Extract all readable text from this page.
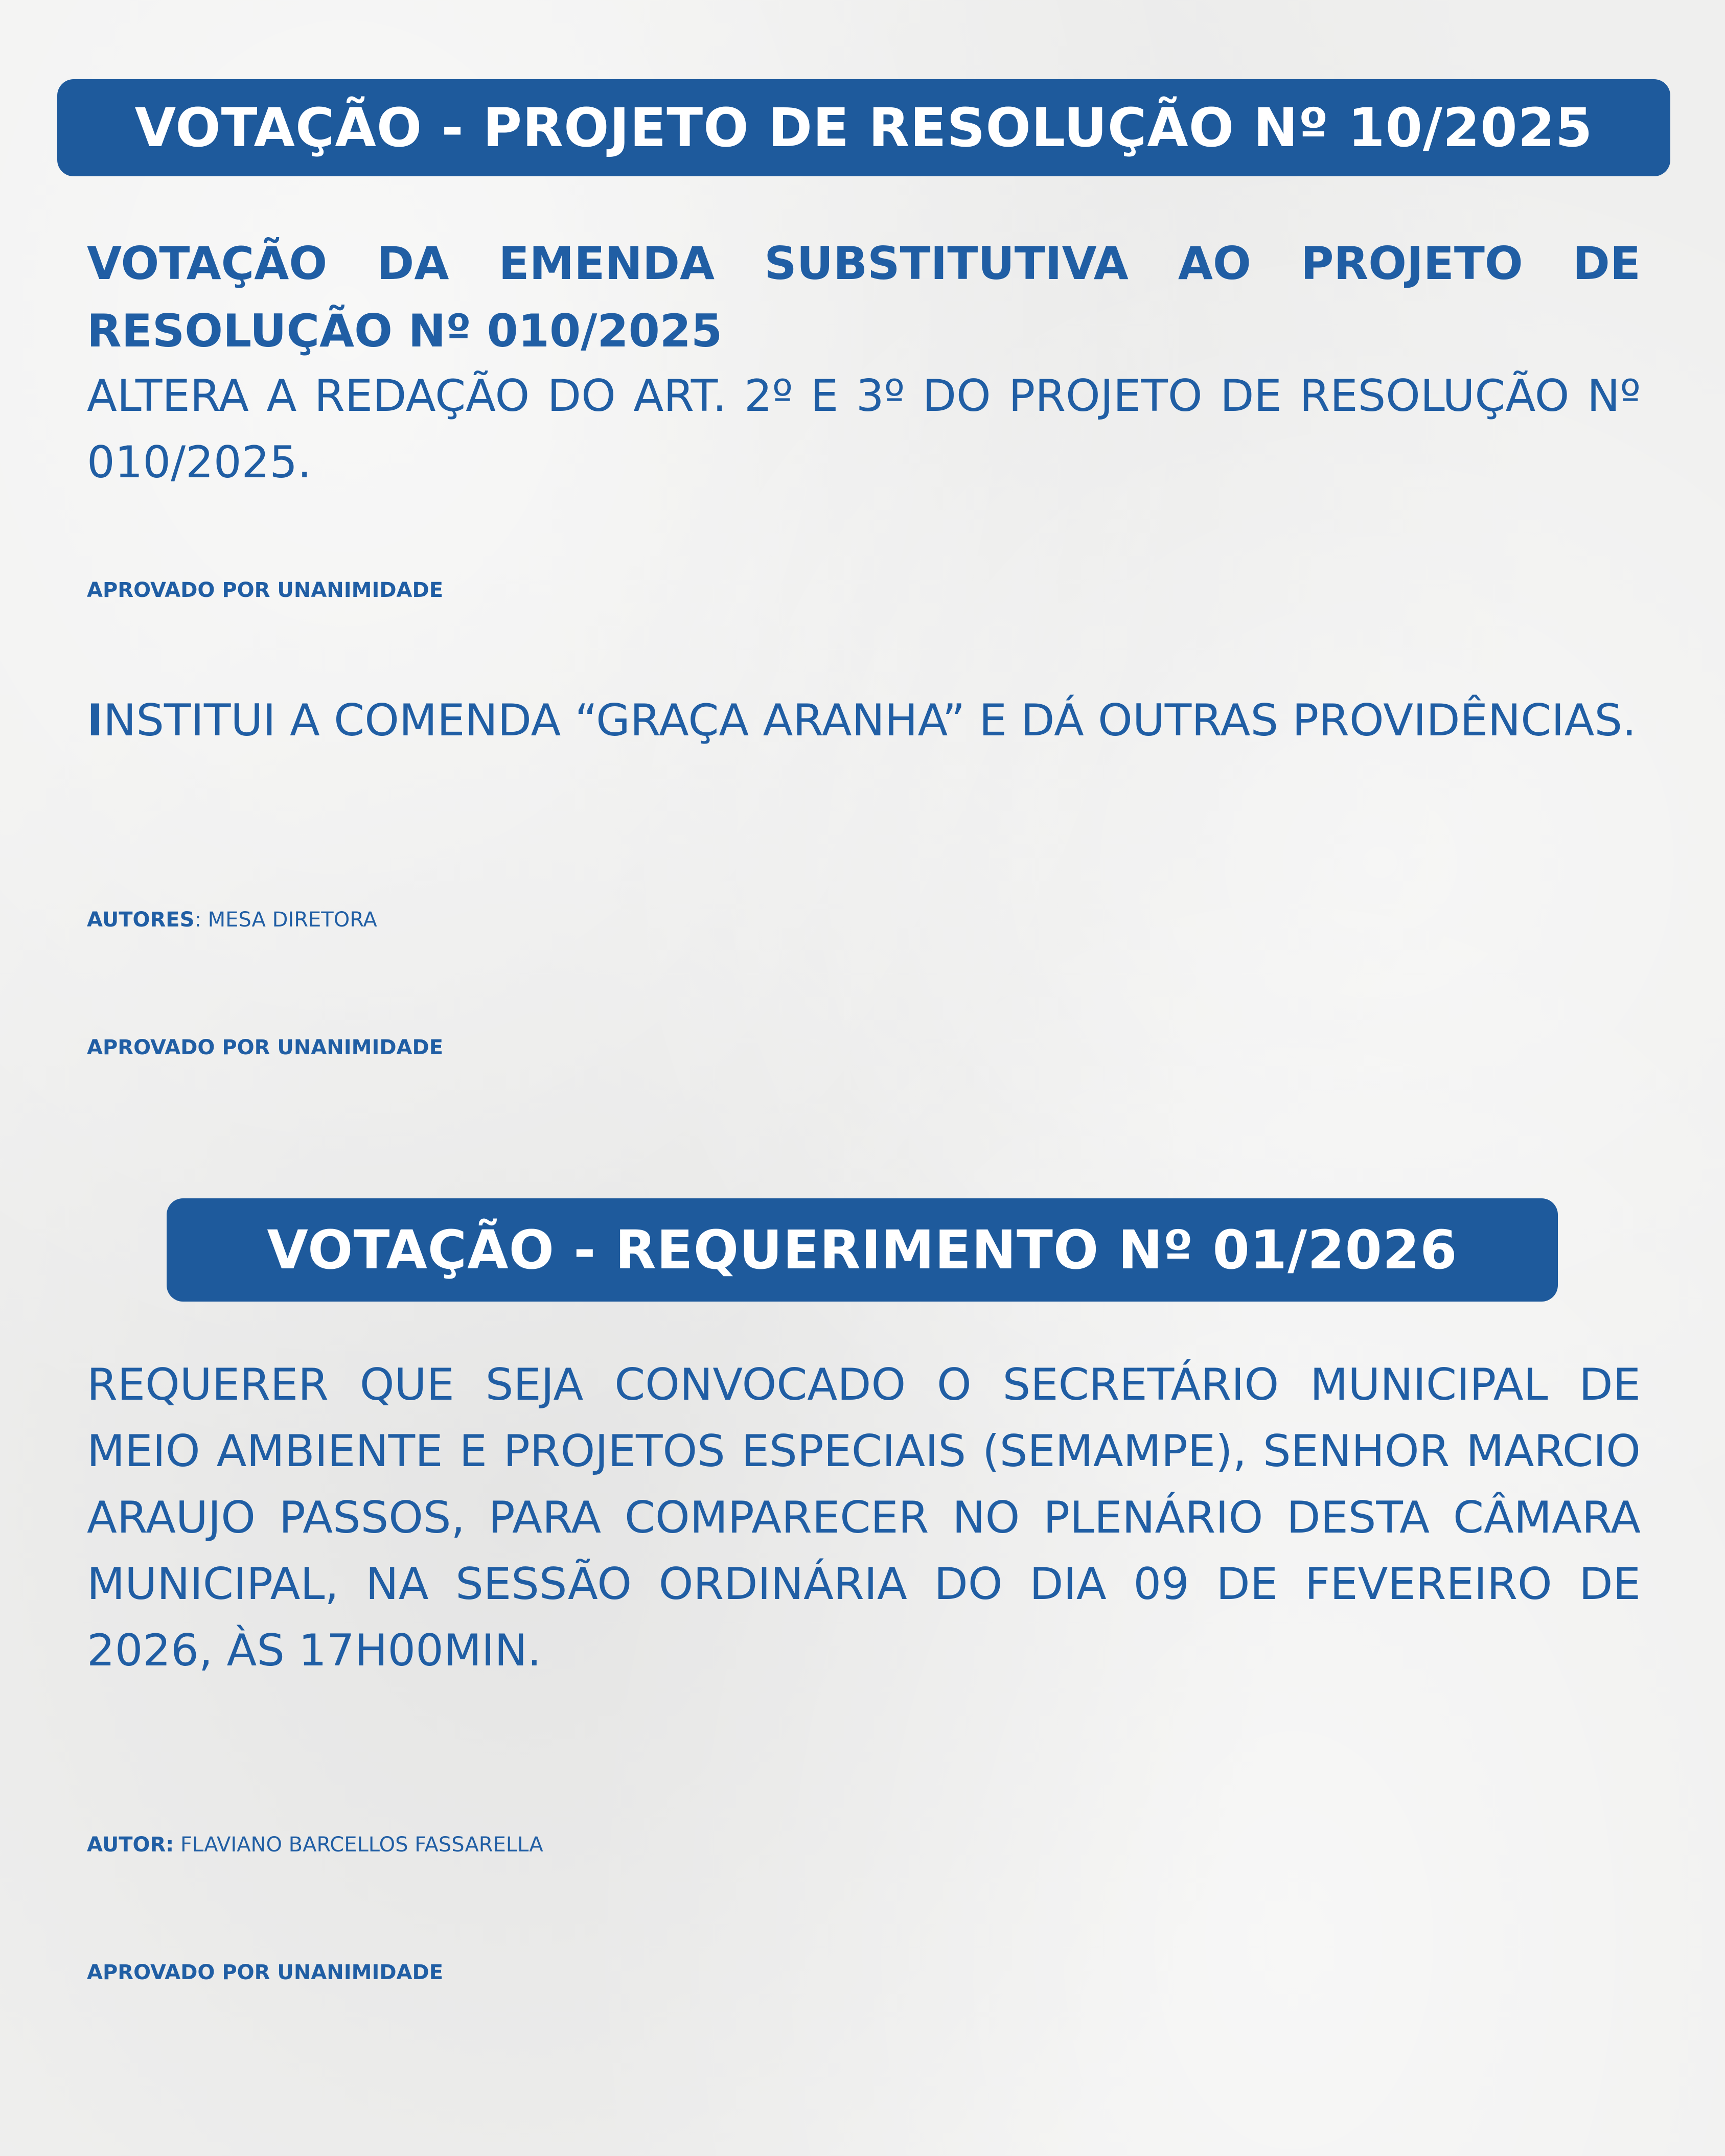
VOTAÇÃO - PROJETO DE RESOLUÇÃO Nº 10/2025

VOTAÇÃO DA EMENDA SUBSTITUTIVA AO PROJETO DE RESOLUÇÃO Nº 010/2025

ALTERA A REDAÇÃO DO ART. 2º E 3º DO PROJETO DE RESOLUÇÃO Nº 010/2025.

APROVADO POR UNANIMIDADE

INSTITUI A COMENDA “GRAÇA ARANHA” E DÁ OUTRAS PROVIDÊNCIAS.

AUTORES: MESA DIRETORA

APROVADO POR UNANIMIDADE

VOTAÇÃO - REQUERIMENTO Nº 01/2026

REQUERER QUE SEJA CONVOCADO O SECRETÁRIO MUNICIPAL DE MEIO AMBIENTE E PROJETOS ESPECIAIS (SEMAMPE), SENHOR MARCIO ARAUJO PASSOS, PARA COMPARECER NO PLENÁRIO DESTA CÂMARA MUNICIPAL, NA SESSÃO ORDINÁRIA DO DIA 09 DE FEVEREIRO DE 2026, ÀS 17H00MIN.

AUTOR: FLAVIANO BARCELLOS FASSARELLA

APROVADO POR UNANIMIDADE
